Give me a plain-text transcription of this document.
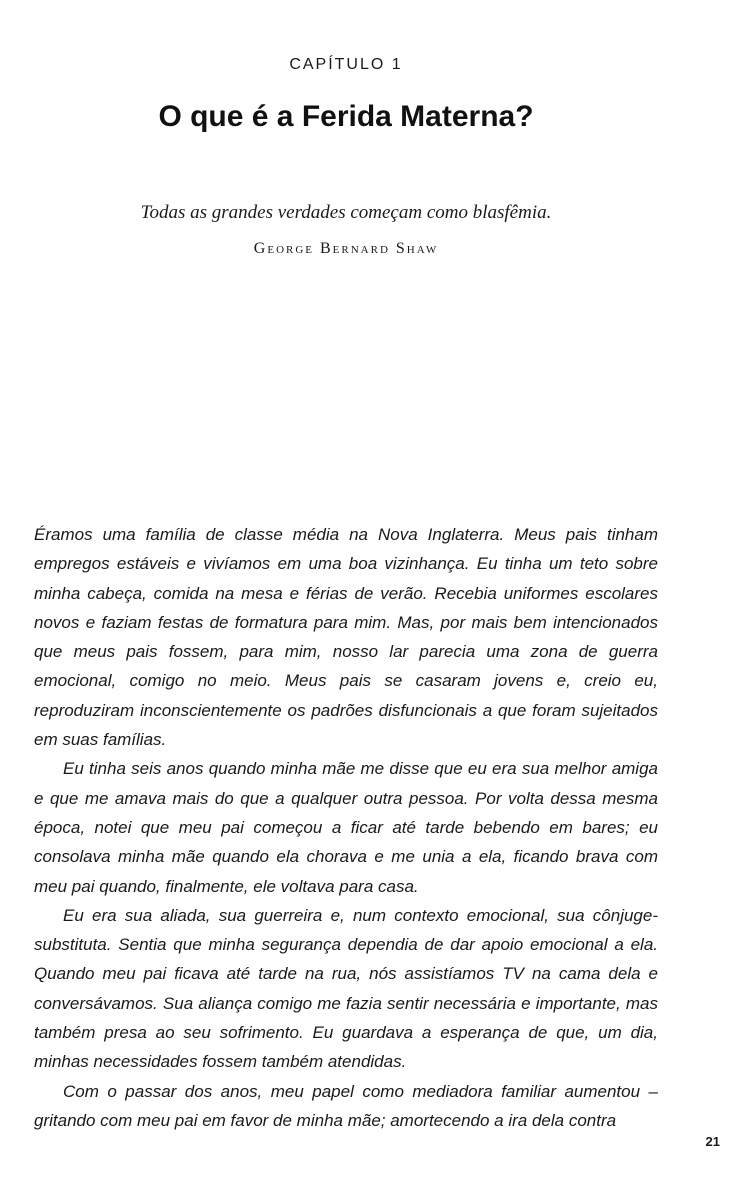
CAPÍTULO 1
O que é a Ferida Materna?
Todas as grandes verdades começam como blasfêmia.
George Bernard Shaw

Éramos uma família de classe média na Nova Inglaterra. Meus pais tinham empregos estáveis e vivíamos em uma boa vizinhança. Eu tinha um teto sobre minha cabeça, comida na mesa e férias de verão. Recebia uniformes escolares novos e faziam festas de formatura para mim. Mas, por mais bem intencionados que meus pais fossem, para mim, nosso lar parecia uma zona de guerra emocional, comigo no meio. Meus pais se casaram jovens e, creio eu, reproduziram inconscientemente os padrões disfuncionais a que foram sujeitados em suas famílias.

Eu tinha seis anos quando minha mãe me disse que eu era sua melhor amiga e que me amava mais do que a qualquer outra pessoa. Por volta dessa mesma época, notei que meu pai começou a ficar até tarde bebendo em bares; eu consolava minha mãe quando ela chorava e me unia a ela, ficando brava com meu pai quando, finalmente, ele voltava para casa.

Eu era sua aliada, sua guerreira e, num contexto emocional, sua cônjuge-substituta. Sentia que minha segurança dependia de dar apoio emocional a ela. Quando meu pai ficava até tarde na rua, nós assistíamos TV na cama dela e conversávamos. Sua aliança comigo me fazia sentir necessária e importante, mas também presa ao seu sofrimento. Eu guardava a esperança de que, um dia, minhas necessidades fossem também atendidas.

Com o passar dos anos, meu papel como mediadora familiar aumentou – gritando com meu pai em favor de minha mãe; amortecendo a ira dela contra

21
